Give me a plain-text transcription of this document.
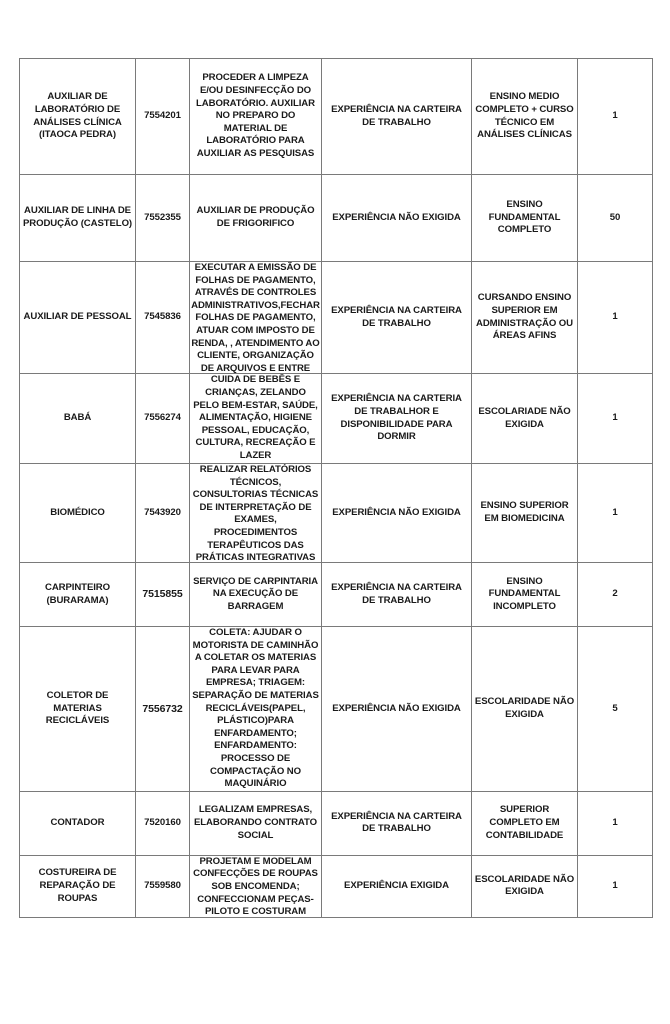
AUXILIAR DE LABORATÓRIO DE ANÁLISES CLÍNICA (ITAOCA PEDRA)	7554201	PROCEDER A LIMPEZA E/OU DESINFECÇÃO DO LABORATÓRIO. AUXILIAR NO PREPARO DO MATERIAL DE LABORATÓRIO PARA AUXILIAR AS PESQUISAS	EXPERIÊNCIA NA CARTEIRA DE TRABALHO	ENSINO MEDIO COMPLETO + CURSO TÉCNICO EM ANÁLISES CLÍNICAS	1
AUXILIAR DE LINHA DE PRODUÇÃO (CASTELO)	7552355	AUXILIAR DE PRODUÇÃO DE FRIGORIFICO	EXPERIÊNCIA NÃO EXIGIDA	ENSINO FUNDAMENTAL COMPLETO	50
AUXILIAR DE PESSOAL	7545836	EXECUTAR A EMISSÃO DE FOLHAS DE PAGAMENTO, ATRAVÉS DE CONTROLES ADMINISTRATIVOS,FECHAR FOLHAS DE PAGAMENTO, ATUAR COM IMPOSTO DE RENDA, , ATENDIMENTO AO CLIENTE, ORGANIZAÇÃO DE ARQUIVOS E ENTRE	EXPERIÊNCIA NA CARTEIRA DE TRABALHO	CURSANDO ENSINO SUPERIOR EM ADMINISTRAÇÃO OU ÁREAS AFINS	1
BABÁ	7556274	CUIDA DE BEBÊS E CRIANÇAS, ZELANDO PELO BEM-ESTAR, SAÚDE, ALIMENTAÇÃO, HIGIENE PESSOAL, EDUCAÇÃO, CULTURA, RECREAÇÃO E LAZER	EXPERIÊNCIA NA CARTERIA DE TRABALHOR E DISPONIBILIDADE PARA DORMIR	ESCOLARIADE NÃO EXIGIDA	1
BIOMÉDICO	7543920	REALIZAR RELATÓRIOS TÉCNICOS, CONSULTORIAS TÉCNICAS DE INTERPRETAÇÃO DE EXAMES, PROCEDIMENTOS TERAPÊUTICOS DAS PRÁTICAS INTEGRATIVAS	EXPERIÊNCIA NÃO EXIGIDA	ENSINO SUPERIOR EM BIOMEDICINA	1
CARPINTEIRO (BURARAMA)	7515855	SERVIÇO DE CARPINTARIA NA EXECUÇÃO DE BARRAGEM	EXPERIÊNCIA NA CARTEIRA DE TRABALHO	ENSINO FUNDAMENTAL INCOMPLETO	2
COLETOR DE MATERIAS RECICLÁVEIS	7556732	COLETA: AJUDAR O MOTORISTA DE CAMINHÃO A COLETAR OS MATERIAS PARA LEVAR PARA EMPRESA; TRIAGEM: SEPARAÇÃO DE MATERIAS RECICLÁVEIS(PAPEL, PLÁSTICO)PARA ENFARDAMENTO; ENFARDAMENTO: PROCESSO DE COMPACTAÇÃO NO MAQUINÁRIO	EXPERIÊNCIA NÃO EXIGIDA	ESCOLARIDADE NÃO EXIGIDA	5
CONTADOR	7520160	LEGALIZAM EMPRESAS, ELABORANDO CONTRATO SOCIAL	EXPERIÊNCIA NA CARTEIRA DE TRABALHO	SUPERIOR COMPLETO EM CONTABILIDADE	1
COSTUREIRA DE REPARAÇÃO DE ROUPAS	7559580	PROJETAM E MODELAM CONFECÇÕES DE ROUPAS SOB ENCOMENDA; CONFECCIONAM PEÇAS-PILOTO E COSTURAM	EXPERIÊNCIA EXIGIDA	ESCOLARIDADE NÃO EXIGIDA	1
